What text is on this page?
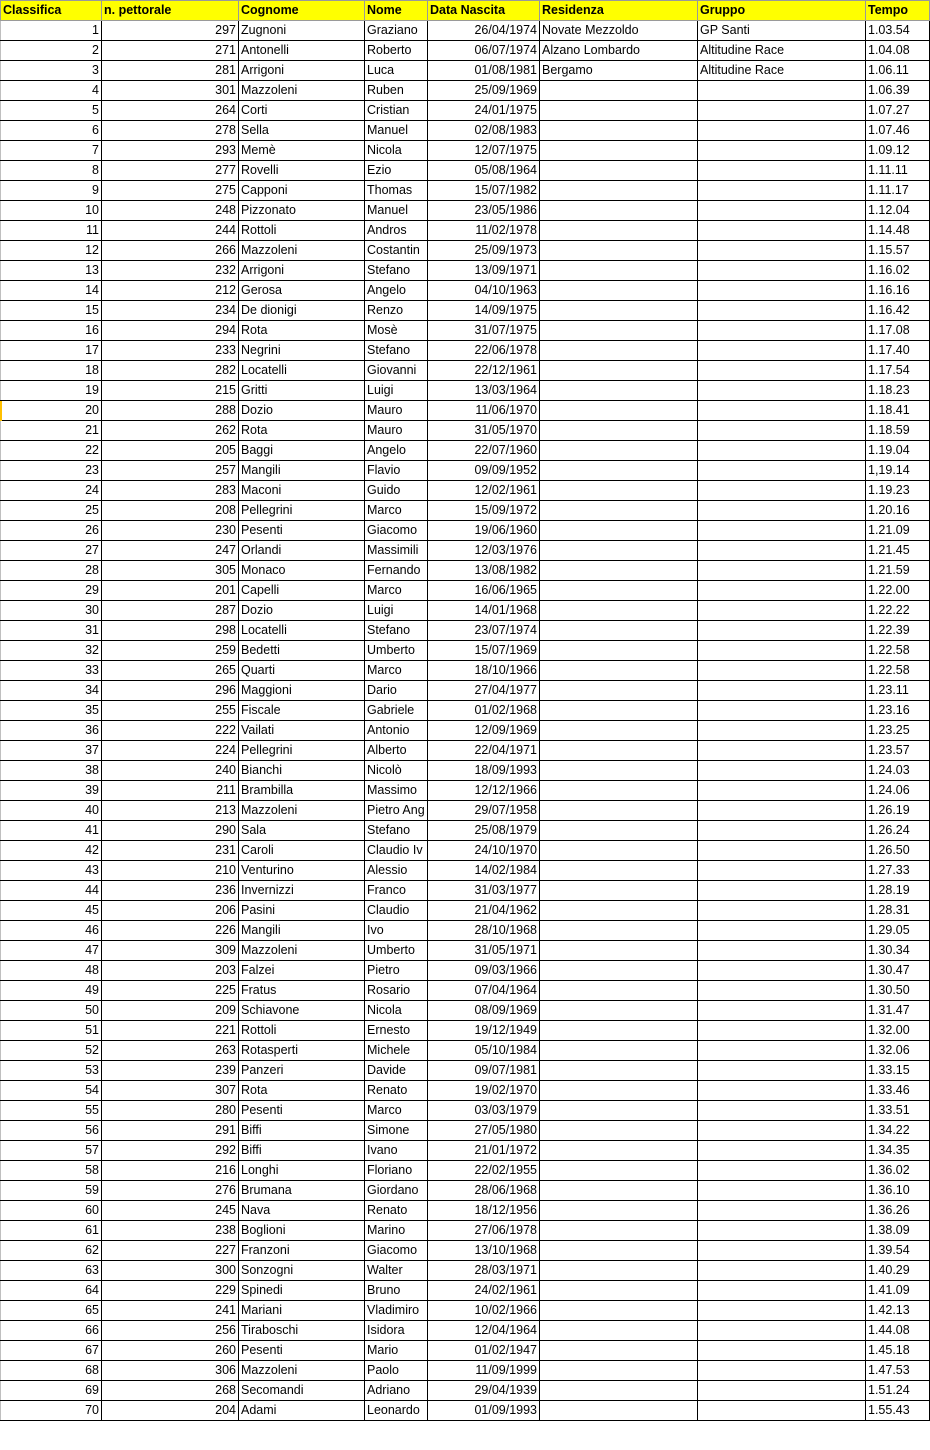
Classifica	n. pettorale	Cognome	Nome	Data Nascita	Residenza	Gruppo	Tempo
1	297	Zugnoni	Graziano	26/04/1974	Novate Mezzoldo	GP Santi	1.03.54
2	271	Antonelli	Roberto	06/07/1974	Alzano Lombardo	Altitudine Race	1.04.08
3	281	Arrigoni	Luca	01/08/1981	Bergamo	Altitudine Race	1.06.11
4	301	Mazzoleni	Ruben	25/09/1969			1.06.39
5	264	Corti	Cristian	24/01/1975			1.07.27
6	278	Sella	Manuel	02/08/1983			1.07.46
7	293	Memè	Nicola	12/07/1975			1.09.12
8	277	Rovelli	Ezio	05/08/1964			1.11.11
9	275	Capponi	Thomas	15/07/1982			1.11.17
10	248	Pizzonato	Manuel	23/05/1986			1.12.04
11	244	Rottoli	Andros	11/02/1978			1.14.48
12	266	Mazzoleni	Costantin	25/09/1973			1.15.57
13	232	Arrigoni	Stefano	13/09/1971			1.16.02
14	212	Gerosa	Angelo	04/10/1963			1.16.16
15	234	De dionigi	Renzo	14/09/1975			1.16.42
16	294	Rota	Mosè	31/07/1975			1.17.08
17	233	Negrini	Stefano	22/06/1978			1.17.40
18	282	Locatelli	Giovanni	22/12/1961			1.17.54
19	215	Gritti	Luigi	13/03/1964			1.18.23
20	288	Dozio	Mauro	11/06/1970			1.18.41
21	262	Rota	Mauro	31/05/1970			1.18.59
22	205	Baggi	Angelo	22/07/1960			1.19.04
23	257	Mangili	Flavio	09/09/1952			1,19.14
24	283	Maconi	Guido	12/02/1961			1.19.23
25	208	Pellegrini	Marco	15/09/1972			1.20.16
26	230	Pesenti	Giacomo	19/06/1960			1.21.09
27	247	Orlandi	Massimili	12/03/1976			1.21.45
28	305	Monaco	Fernando	13/08/1982			1.21.59
29	201	Capelli	Marco	16/06/1965			1.22.00
30	287	Dozio	Luigi	14/01/1968			1.22.22
31	298	Locatelli	Stefano	23/07/1974			1.22.39
32	259	Bedetti	Umberto	15/07/1969			1.22.58
33	265	Quarti	Marco	18/10/1966			1.22.58
34	296	Maggioni	Dario	27/04/1977			1.23.11
35	255	Fiscale	Gabriele	01/02/1968			1.23.16
36	222	Vailati	Antonio	12/09/1969			1.23.25
37	224	Pellegrini	Alberto	22/04/1971			1.23.57
38	240	Bianchi	Nicolò	18/09/1993			1.24.03
39	211	Brambilla	Massimo	12/12/1966			1.24.06
40	213	Mazzoleni	Pietro Ang	29/07/1958			1.26.19
41	290	Sala	Stefano	25/08/1979			1.26.24
42	231	Caroli	Claudio Iv	24/10/1970			1.26.50
43	210	Venturino	Alessio	14/02/1984			1.27.33
44	236	Invernizzi	Franco	31/03/1977			1.28.19
45	206	Pasini	Claudio	21/04/1962			1.28.31
46	226	Mangili	Ivo	28/10/1968			1.29.05
47	309	Mazzoleni	Umberto	31/05/1971			1.30.34
48	203	Falzei	Pietro	09/03/1966			1.30.47
49	225	Fratus	Rosario	07/04/1964			1.30.50
50	209	Schiavone	Nicola	08/09/1969			1.31.47
51	221	Rottoli	Ernesto	19/12/1949			1.32.00
52	263	Rotasperti	Michele	05/10/1984			1.32.06
53	239	Panzeri	Davide	09/07/1981			1.33.15
54	307	Rota	Renato	19/02/1970			1.33.46
55	280	Pesenti	Marco	03/03/1979			1.33.51
56	291	Biffi	Simone	27/05/1980			1.34.22
57	292	Biffi	Ivano	21/01/1972			1.34.35
58	216	Longhi	Floriano	22/02/1955			1.36.02
59	276	Brumana	Giordano	28/06/1968			1.36.10
60	245	Nava	Renato	18/12/1956			1.36.26
61	238	Boglioni	Marino	27/06/1978			1.38.09
62	227	Franzoni	Giacomo	13/10/1968			1.39.54
63	300	Sonzogni	Walter	28/03/1971			1.40.29
64	229	Spinedi	Bruno	24/02/1961			1.41.09
65	241	Mariani	Vladimiro	10/02/1966			1.42.13
66	256	Tiraboschi	Isidora	12/04/1964			1.44.08
67	260	Pesenti	Mario	01/02/1947			1.45.18
68	306	Mazzoleni	Paolo	11/09/1999			1.47.53
69	268	Secomandi	Adriano	29/04/1939			1.51.24
70	204	Adami	Leonardo	01/09/1993			1.55.43
